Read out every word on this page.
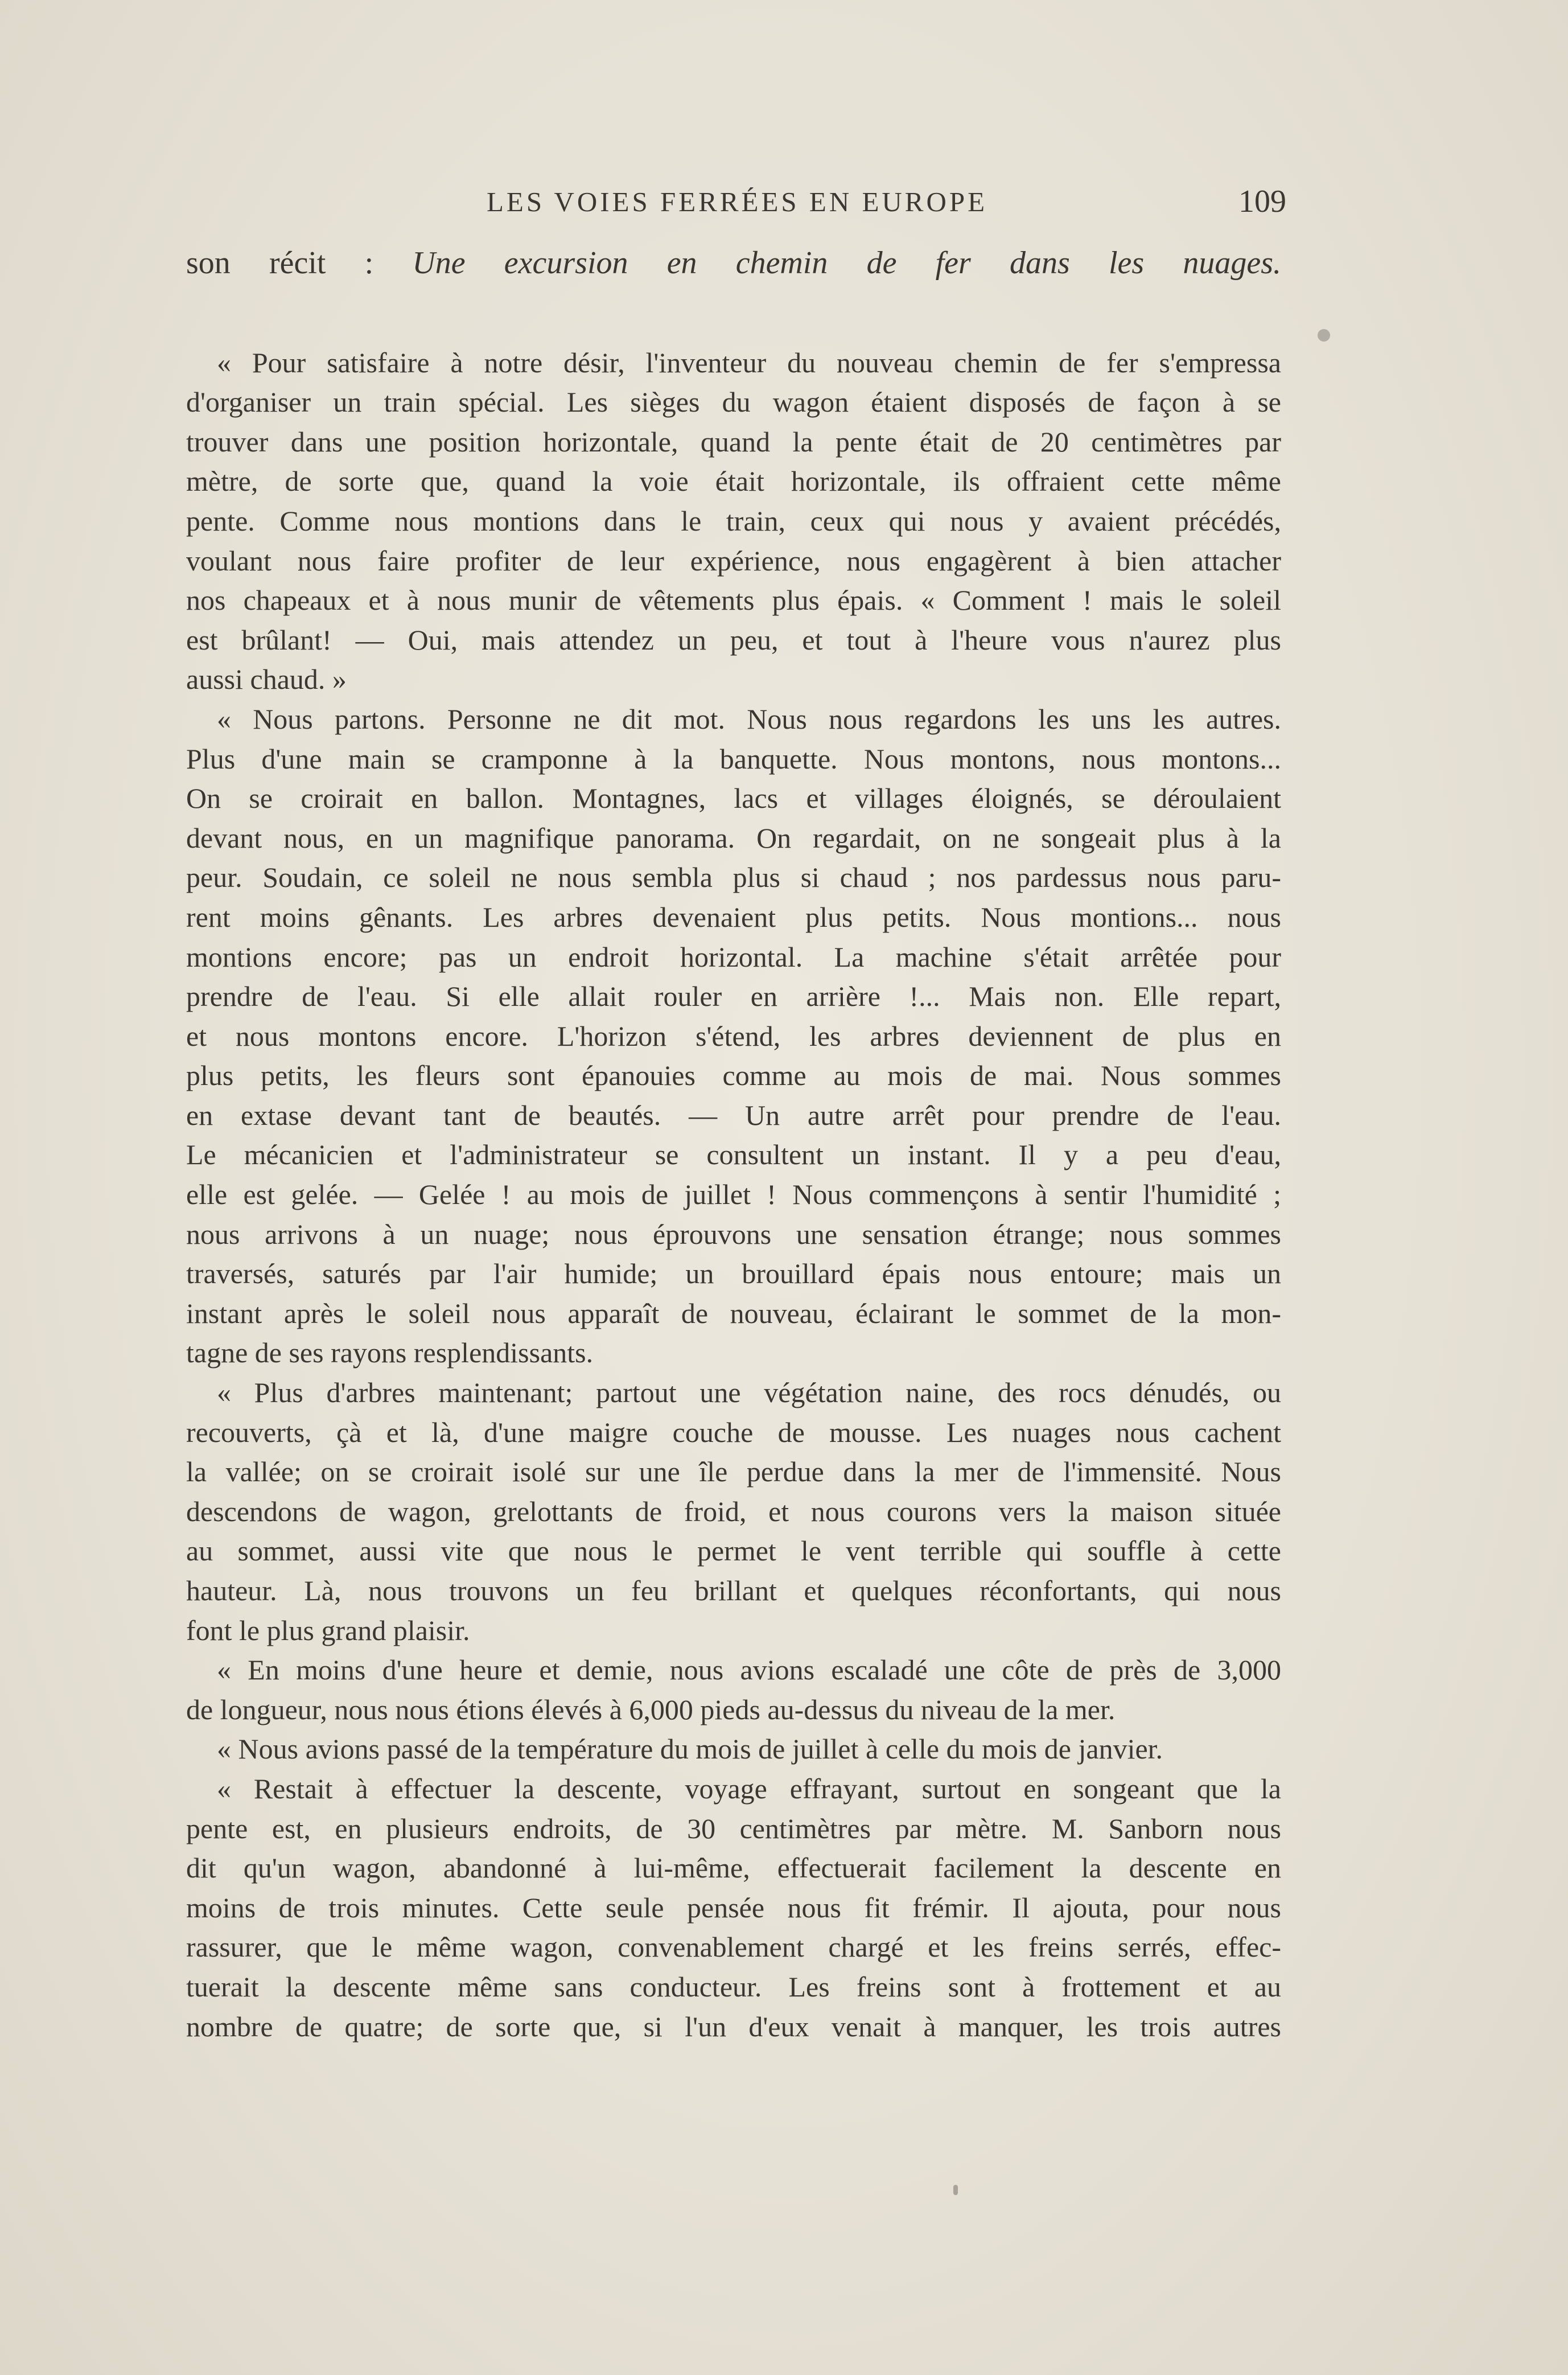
LES VOIES FERRÉES EN EUROPE	109
son récit : Une excursion en chemin de fer dans les nuages.
« Pour satisfaire à notre désir, l'inventeur du nouveau chemin de fer s'empressa
d'organiser un train spécial. Les sièges du wagon étaient disposés de façon à se
trouver dans une position horizontale, quand la pente était de 20 centimètres par
mètre, de sorte que, quand la voie était horizontale, ils offraient cette même
pente. Comme nous montions dans le train, ceux qui nous y avaient précédés,
voulant nous faire profiter de leur expérience, nous engagèrent à bien attacher
nos chapeaux et à nous munir de vêtements plus épais. « Comment ! mais le soleil
est brûlant! — Oui, mais attendez un peu, et tout à l'heure vous n'aurez plus
aussi chaud. »
« Nous partons. Personne ne dit mot. Nous nous regardons les uns les autres.
Plus d'une main se cramponne à la banquette. Nous montons, nous montons...
On se croirait en ballon. Montagnes, lacs et villages éloignés, se déroulaient
devant nous, en un magnifique panorama. On regardait, on ne songeait plus à la
peur. Soudain, ce soleil ne nous sembla plus si chaud ; nos pardessus nous paru-
rent moins gênants. Les arbres devenaient plus petits. Nous montions... nous
montions encore; pas un endroit horizontal. La machine s'était arrêtée pour
prendre de l'eau. Si elle allait rouler en arrière !... Mais non. Elle repart,
et nous montons encore. L'horizon s'étend, les arbres deviennent de plus en
plus petits, les fleurs sont épanouies comme au mois de mai. Nous sommes
en extase devant tant de beautés. — Un autre arrêt pour prendre de l'eau.
Le mécanicien et l'administrateur se consultent un instant. Il y a peu d'eau,
elle est gelée. — Gelée ! au mois de juillet ! Nous commençons à sentir l'humidité ;
nous arrivons à un nuage; nous éprouvons une sensation étrange; nous sommes
traversés, saturés par l'air humide; un brouillard épais nous entoure; mais un
instant après le soleil nous apparaît de nouveau, éclairant le sommet de la mon-
tagne de ses rayons resplendissants.
« Plus d'arbres maintenant; partout une végétation naine, des rocs dénudés, ou
recouverts, çà et là, d'une maigre couche de mousse. Les nuages nous cachent
la vallée; on se croirait isolé sur une île perdue dans la mer de l'immensité. Nous
descendons de wagon, grelottants de froid, et nous courons vers la maison située
au sommet, aussi vite que nous le permet le vent terrible qui souffle à cette
hauteur. Là, nous trouvons un feu brillant et quelques réconfortants, qui nous
font le plus grand plaisir.
« En moins d'une heure et demie, nous avions escaladé une côte de près de 3,000
de longueur, nous nous étions élevés à 6,000 pieds au-dessus du niveau de la mer.
« Nous avions passé de la température du mois de juillet à celle du mois de janvier.
« Restait à effectuer la descente, voyage effrayant, surtout en songeant que la
pente est, en plusieurs endroits, de 30 centimètres par mètre. M. Sanborn nous
dit qu'un wagon, abandonné à lui-même, effectuerait facilement la descente en
moins de trois minutes. Cette seule pensée nous fit frémir. Il ajouta, pour nous
rassurer, que le même wagon, convenablement chargé et les freins serrés, effec-
tuerait la descente même sans conducteur. Les freins sont à frottement et au
nombre de quatre; de sorte que, si l'un d'eux venait à manquer, les trois autres
